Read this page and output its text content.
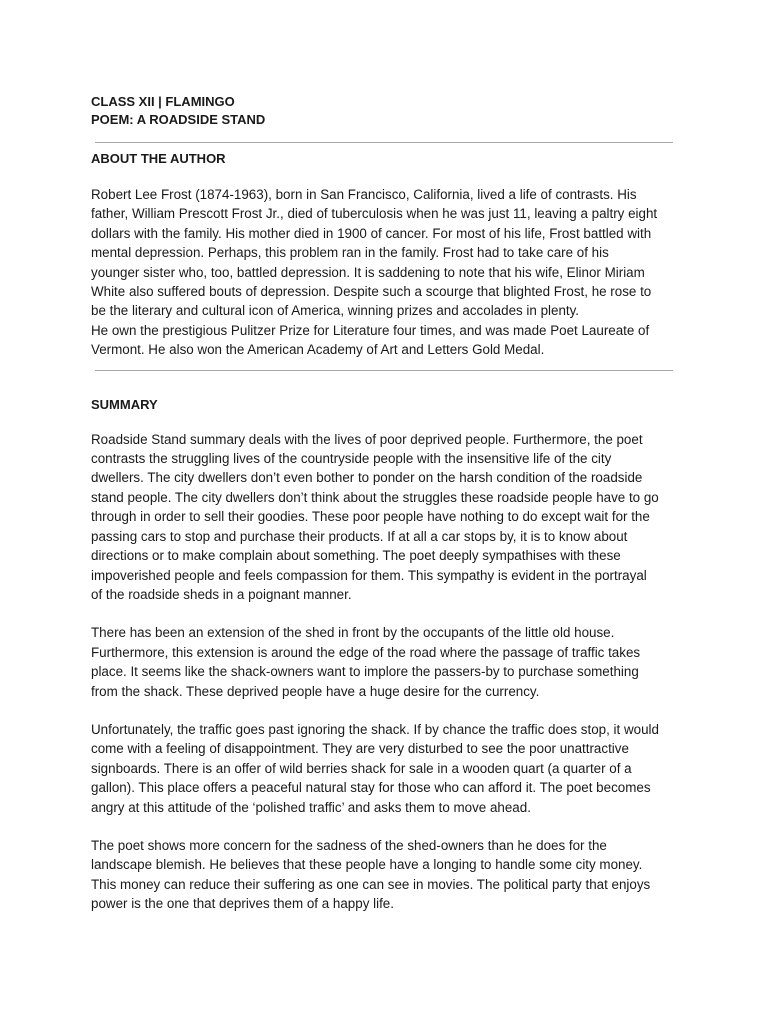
CLASS XII | FLAMINGO

POEM: A ROADSIDE STAND

ABOUT THE AUTHOR

Robert Lee Frost (1874-1963), born in San Francisco, California, lived a life of contrasts. His
father, William Prescott Frost Jr., died of tuberculosis when he was just 11, leaving a paltry eight
dollars with the family. His mother died in 1900 of cancer. For most of his life, Frost battled with
mental depression. Perhaps, this problem ran in the family. Frost had to take care of his
younger sister who, too, battled depression. It is saddening to note that his wife, Elinor Miriam
White also suffered bouts of depression. Despite such a scourge that blighted Frost, he rose to
be the literary and cultural icon of America, winning prizes and accolades in plenty.
He own the prestigious Pulitzer Prize for Literature four times, and was made Poet Laureate of
Vermont. He also won the American Academy of Art and Letters Gold Medal.

SUMMARY

Roadside Stand summary deals with the lives of poor deprived people. Furthermore, the poet
contrasts the struggling lives of the countryside people with the insensitive life of the city
dwellers. The city dwellers don’t even bother to ponder on the harsh condition of the roadside
stand people. The city dwellers don’t think about the struggles these roadside people have to go
through in order to sell their goodies. These poor people have nothing to do except wait for the
passing cars to stop and purchase their products. If at all a car stops by, it is to know about
directions or to make complain about something. The poet deeply sympathises with these
impoverished people and feels compassion for them. This sympathy is evident in the portrayal
of the roadside sheds in a poignant manner.
There has been an extension of the shed in front by the occupants of the little old house.
Furthermore, this extension is around the edge of the road where the passage of traffic takes
place. It seems like the shack-owners want to implore the passers-by to purchase something
from the shack. These deprived people have a huge desire for the currency.
Unfortunately, the traffic goes past ignoring the shack. If by chance the traffic does stop, it would
come with a feeling of disappointment. They are very disturbed to see the poor unattractive
signboards. There is an offer of wild berries shack for sale in a wooden quart (a quarter of a
gallon). This place offers a peaceful natural stay for those who can afford it. The poet becomes
angry at this attitude of the ‘polished traffic’ and asks them to move ahead.
The poet shows more concern for the sadness of the shed-owners than he does for the
landscape blemish. He believes that these people have a longing to handle some city money.
This money can reduce their suffering as one can see in movies. The political party that enjoys
power is the one that deprives them of a happy life.
